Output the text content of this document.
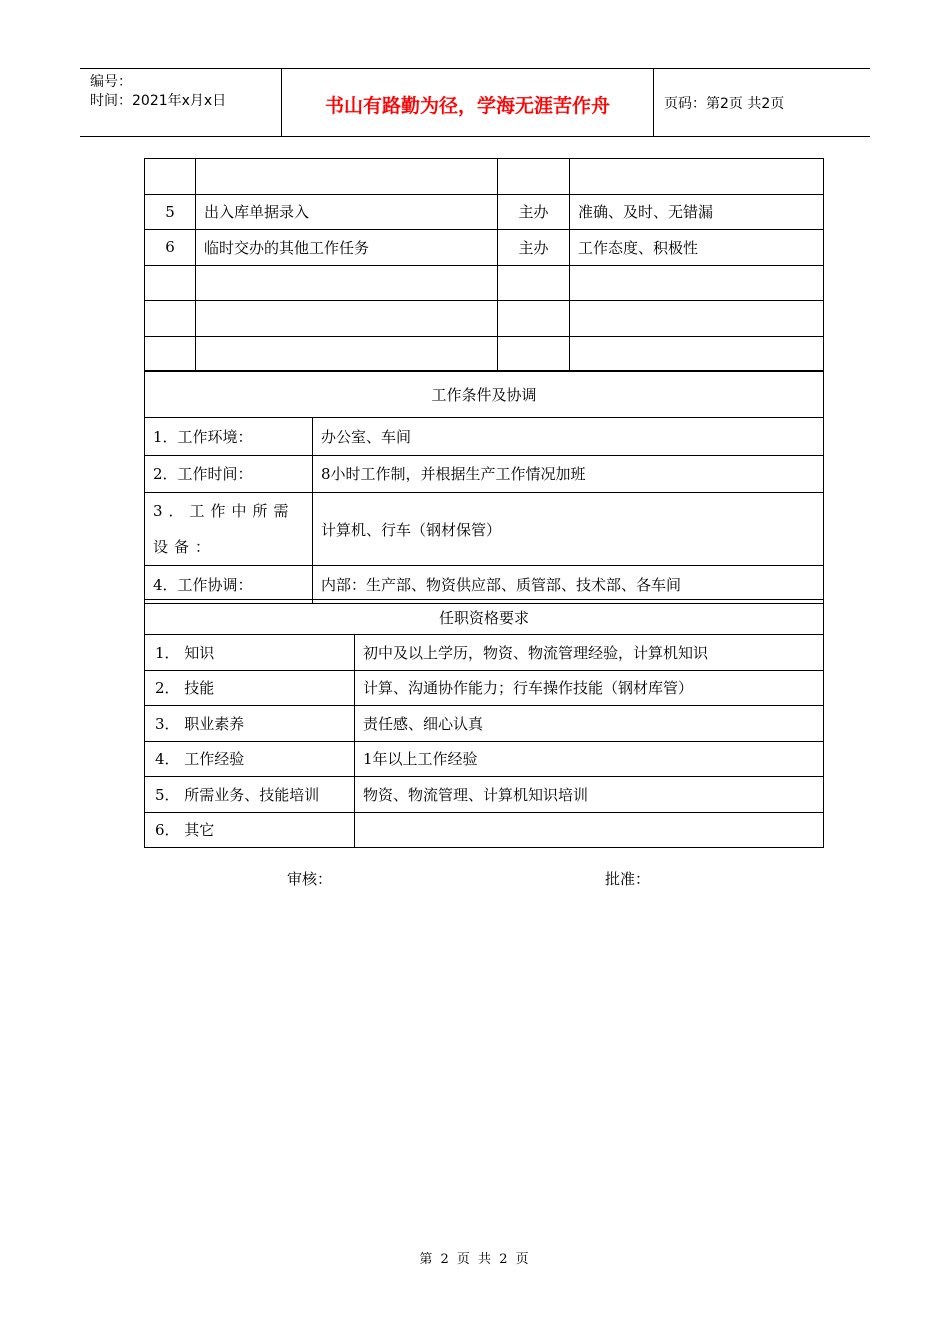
编号：
时间：2021年x月x日	书山有路勤为径，学海无涯苦作舟	页码：第2页 共2页

5	出入库单据录入	主办	准确、及时、无错漏
6	临时交办的其他工作任务	主办	工作态度、积极性

工作条件及协调	
1．工作环境：	办公室、车间
2．工作时间：	8小时工作制，并根据生产工作情况加班
3．工作中所需设备：	计算机、行车（钢材保管）
4．工作协调：	内部：生产部、物资供应部、质管部、技术部、各车间
任职资格要求	
1． 知识	初中及以上学历，物资、物流管理经验，计算机知识
2． 技能	计算、沟通协作能力；行车操作技能（钢材库管）
3． 职业素养	责任感、细心认真
4． 工作经验	1年以上工作经验
5． 所需业务、技能培训	物资、物流管理、计算机知识培训
6． 其它	
审核：	批准：
第 2 页 共 2 页
